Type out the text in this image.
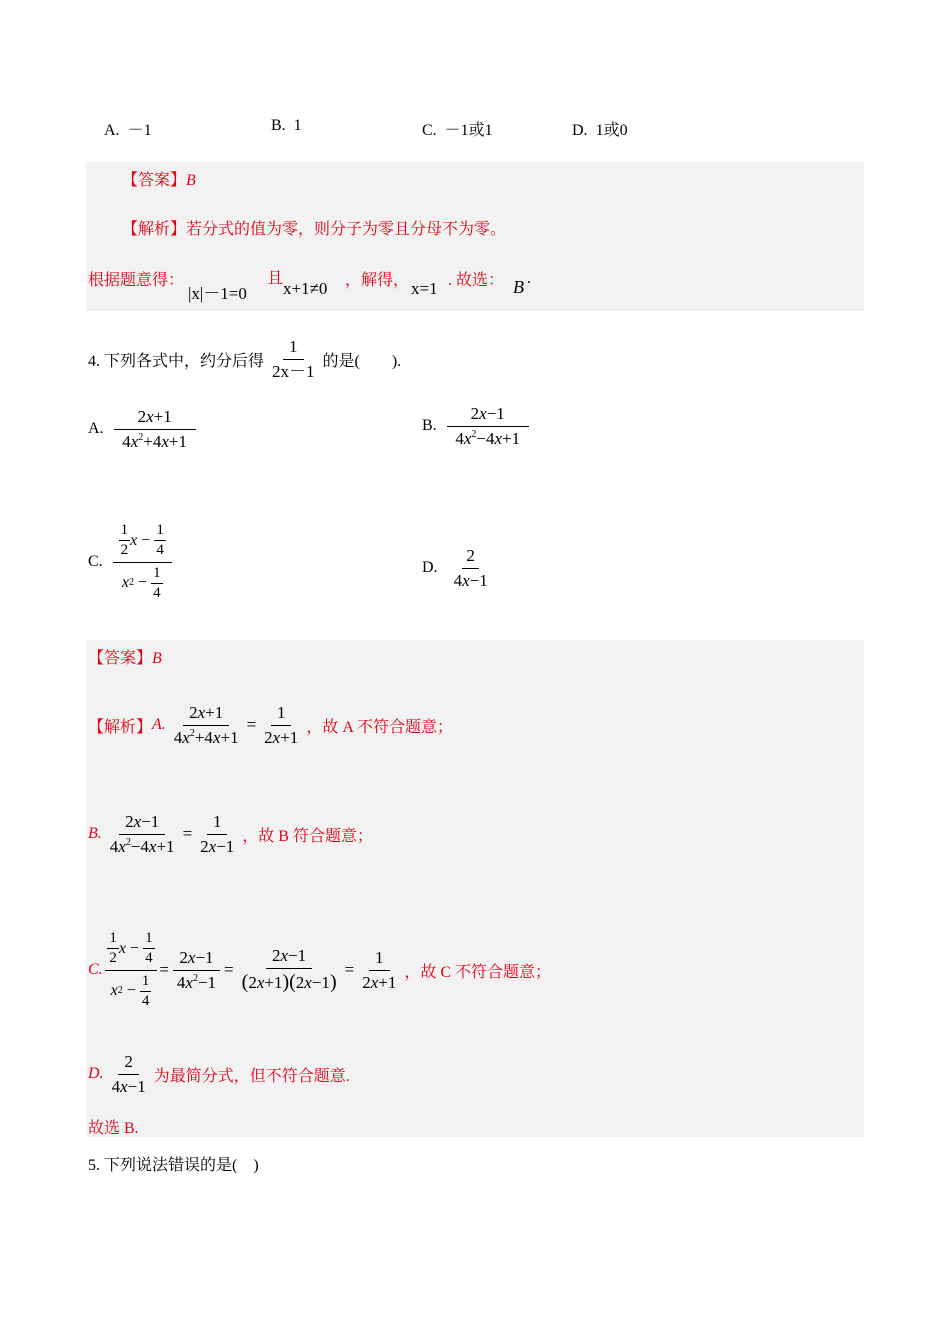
A. －1	B. 1	C. －1或1	D. 1或0
【答案】B
【解析】若分式的值为零，则分子为零且分母不为零。
根据题意得：
|x|－1=0
且
x+1≠0 ，解得， x=1 . 故选： B .
4. 下列各式中，约分后得 $\frac{1}{2x-1}$ 的是(　　).
A. $\frac{2x+1}{4x^2+4x+1}$	B. $\frac{2x-1}{4x^2-4x+1}$
C. $\frac{\frac{1}{2} x - \frac{1}{4}}{x 2 - \frac{1}{4}}$	D. $\frac{2}{4x-1}$
【答案】B
【解析】 A. $\frac{2x+1}{4x^2+4x+1} = \frac{1}{2x+1}$ ，故 A 不符合题意；
B. $\frac{2x-1}{4x^2-4x+1} = \frac{1}{2x-1}$ ，故 B 符合题意；
C. $\frac{\frac{1}{2} x - \frac{1}{4}}{x 2 - \frac{1}{4}} = \frac{2x-1}{4x^2-1} = \frac{2x-1}{(2x+1)(2x-1)} = \frac{1}{2x+1}$ ，故 C 不符合题意；
D. $\frac{2}{4x-1}$ 为最简分式，但不符合题意.
故选 B.
5. 下列说法错误的是(　)
